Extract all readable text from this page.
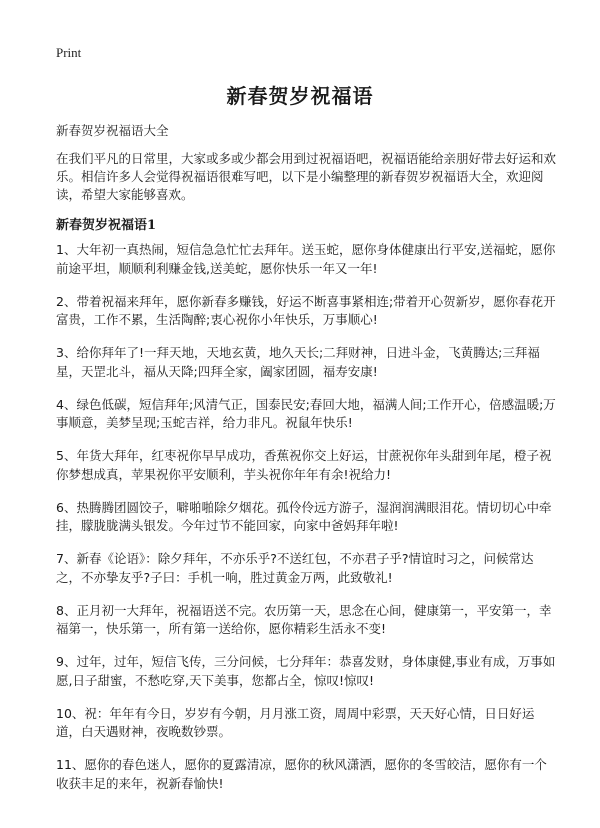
Print
新春贺岁祝福语

新春贺岁祝福语大全

在我们平凡的日常里，大家或多或少都会用到过祝福语吧，祝福语能给亲朋好带去好运和欢乐。相信许多人会觉得祝福语很难写吧，以下是小编整理的新春贺岁祝福语大全，欢迎阅读，希望大家能够喜欢。

新春贺岁祝福语1
1、大年初一真热闹，短信急急忙忙去拜年。送玉蛇，愿你身体健康出行平安,送福蛇，愿你前途平坦，顺顺利利赚金钱,送美蛇，愿你快乐一年又一年!
2、带着祝福来拜年，愿你新春多赚钱，好运不断喜事紧相连;带着开心贺新岁，愿你春花开富贵，工作不累，生活陶醉;衷心祝你小年快乐，万事顺心!
3、给你拜年了!一拜天地，天地玄黄，地久天长;二拜财神，日进斗金，飞黄腾达;三拜福星，天罡北斗，福从天降;四拜全家，阖家团圆，福寿安康!
4、绿色低碳，短信拜年;风清气正，国泰民安;春回大地，福满人间;工作开心，倍感温暖;万事顺意，美梦呈现;玉蛇吉祥，给力非凡。祝鼠年快乐!
5、年货大拜年，红枣祝你早早成功，香蕉祝你交上好运，甘蔗祝你年头甜到年尾，橙子祝你梦想成真，苹果祝你平安顺利，芋头祝你年年有余!祝给力!
6、热腾腾团圆饺子，噼啪啪除夕烟花。孤伶伶远方游子，湿润润满眼泪花。情切切心中牵挂，朦胧胧满头银发。今年过节不能回家，向家中爸妈拜年啦!
7、新春《论语》：除夕拜年，不亦乐乎?不送红包，不亦君子乎?情谊时习之，问候常达之，不亦挚友乎?子曰：手机一响，胜过黄金万两，此致敬礼!
8、正月初一大拜年，祝福语送不完。农历第一天，思念在心间，健康第一，平安第一，幸福第一，快乐第一，所有第一送给你，愿你精彩生活永不变!
9、过年，过年，短信飞传，三分问候，七分拜年：恭喜发财，身体康健,事业有成，万事如愿,日子甜蜜，不愁吃穿,天下美事，您都占全，惊叹!惊叹!
10、祝：年年有今日，岁岁有今朝，月月涨工资，周周中彩票，天天好心情，日日好运道，白天遇财神，夜晚数钞票。
11、愿你的春色迷人，愿你的夏露清凉，愿你的秋风潇洒，愿你的冬雪皎洁，愿你有一个收获丰足的来年，祝新春愉快!
